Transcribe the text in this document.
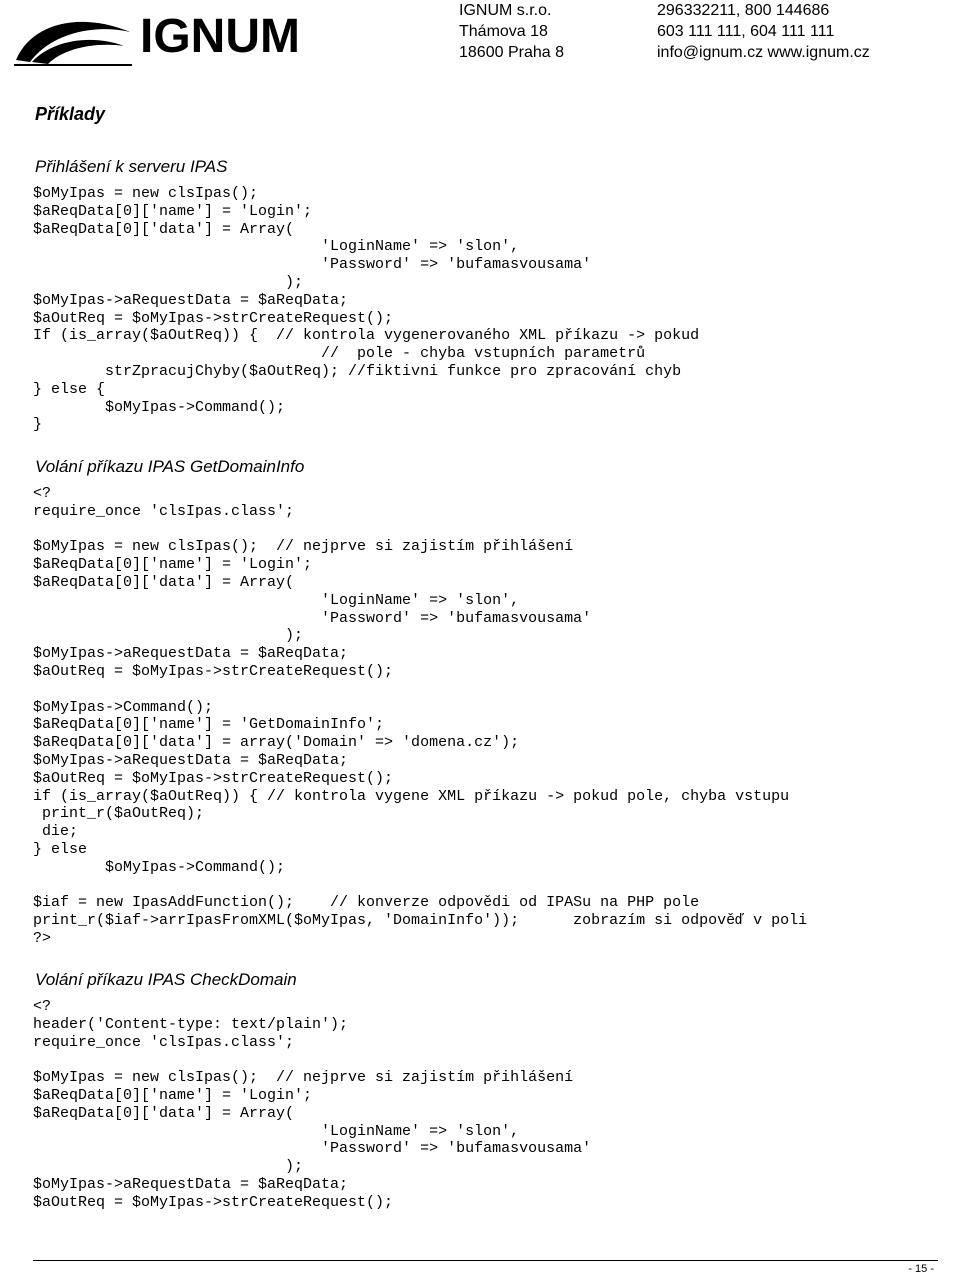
IGNUM	IGNUM s.r.o.
Thámova 18
18600 Praha 8
296332211, 800 144686
603 111 111, 604 111 111
info@ignum.cz www.ignum.cz
Příklady
Přihlášení k serveru IPAS
$oMyIpas = new clsIpas();
$aReqData[0]['name'] = 'Login';
$aReqData[0]['data'] = Array(
'LoginName' => 'slon',
'Password' => 'bufamasvousama'
);
$oMyIpas->aRequestData = $aReqData;
$aOutReq = $oMyIpas->strCreateRequest();
If (is_array($aOutReq)) {  // kontrola vygenerovaného XML příkazu -> pokud
//  pole - chyba vstupních parametrů
strZpracujChyby($aOutReq); //fiktivni funkce pro zpracování chyb
} else {
$oMyIpas->Command();
}
Volání příkazu IPAS GetDomainInfo
<?
require_once 'clsIpas.class';
$oMyIpas = new clsIpas();  // nejprve si zajistím přihlášení
$aReqData[0]['name'] = 'Login';
$aReqData[0]['data'] = Array(
'LoginName' => 'slon',
'Password' => 'bufamasvousama'
);
$oMyIpas->aRequestData = $aReqData;
$aOutReq = $oMyIpas->strCreateRequest();
$oMyIpas->Command();
$aReqData[0]['name'] = 'GetDomainInfo';
$aReqData[0]['data'] = array('Domain' => 'domena.cz');
$oMyIpas->aRequestData = $aReqData;
$aOutReq = $oMyIpas->strCreateRequest();
if (is_array($aOutReq)) { // kontrola vygene XML příkazu -> pokud pole, chyba vstupu
print_r($aOutReq);
die;
} else
$oMyIpas->Command();
$iaf = new IpasAddFunction();    // konverze odpovědi od IPASu na PHP pole
print_r($iaf->arrIpasFromXML($oMyIpas, 'DomainInfo'));      zobrazím si odpověď v poli
?>
Volání příkazu IPAS CheckDomain
<?
header('Content-type: text/plain');
require_once 'clsIpas.class';
$oMyIpas = new clsIpas();  // nejprve si zajistím přihlášení
$aReqData[0]['name'] = 'Login';
$aReqData[0]['data'] = Array(
'LoginName' => 'slon',
'Password' => 'bufamasvousama'
);
$oMyIpas->aRequestData = $aReqData;
$aOutReq = $oMyIpas->strCreateRequest();
- 15 -
